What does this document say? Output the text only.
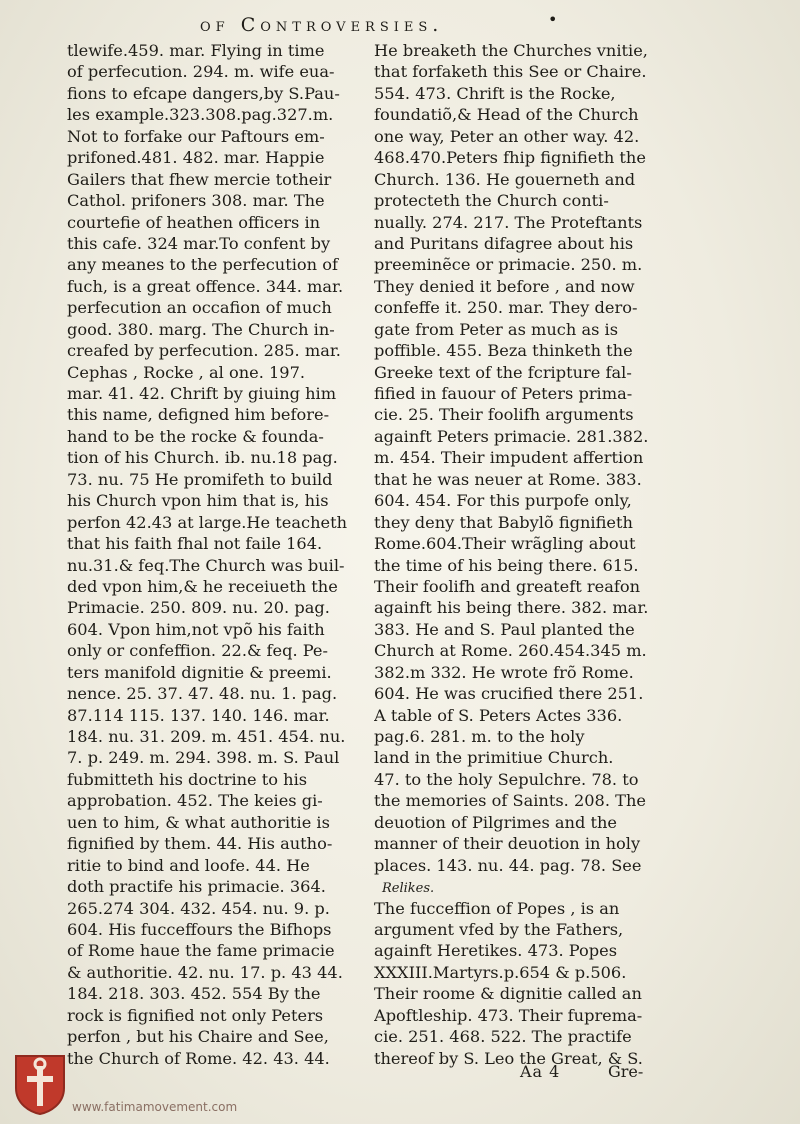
of Controversies.	•
tlewife.459. mar. Flying in time
of perfecution. 294. m. wife eua-
fions to efcape dangers,by S.Pau-
les example.323.308.pag.327.m.
Not to forfake our Paftours em-
prifoned.481. 482. mar. Happie
Gailers that fhew mercie totheir
Cathol. prifoners 308. mar. The
courtefie of heathen officers in
this cafe. 324 mar.To confent by
any meanes to the perfecution of
fuch, is a great offence. 344. mar.
perfecution an occafion of much
good. 380. marg. The Church in-
creafed by perfecution. 285. mar.
Cephas , Rocke , al one. 197.
mar. 41. 42. Chrift by giuing him
this name, defigned him before-
hand to be the rocke & founda-
tion of his Church. ib. nu.18 pag.
73. nu. 75 He promifeth to build
his Church vpon him that is, his
perfon 42.43 at large.He teacheth
that his faith fhal not faile 164.
nu.31.& feq.The Church was buil-
ded vpon him,& he receiueth the
Primacie. 250. 809. nu. 20. pag.
604. Vpon him,not vpõ his faith
only or confeffion. 22.& feq. Pe-
ters manifold dignitie & preemi.
nence. 25. 37. 47. 48. nu. 1. pag.
87.114 115. 137. 140. 146. mar.
184. nu. 31. 209. m. 451. 454. nu.
7. p. 249. m. 294. 398. m. S. Paul
fubmitteth his doctrine to his
approbation. 452. The keies gi-
uen to him, & what authoritie is
fignified by them. 44. His autho-
ritie to bind and loofe. 44. He
doth practife his primacie. 364.
265.274 304. 432. 454. nu. 9. p.
604. His fucceffours the Bifhops
of Rome haue the fame primacie
& authoritie. 42. nu. 17. p. 43 44.
184. 218. 303. 452. 554 By the
rock is fignified not only Peters
perfon , but his Chaire and See,
the Church of Rome. 42. 43. 44.
He breaketh the Churches vnitie,
that forfaketh this See or Chaire.
554. 473. Chrift is the Rocke,
foundatiõ,& Head of the Church
one way, Peter an other way. 42.
468.470.Peters fhip fignifieth the
Church. 136. He gouerneth and
protecteth the Church conti-
nually. 274. 217. The Proteftants
and Puritans difagree about his
preeminẽce or primacie. 250. m.
They denied it before , and now
confeffe it. 250. mar. They dero-
gate from Peter as much as is
poffible. 455. Beza thinketh the
Greeke text of the fcripture fal-
fified in fauour of Peters prima-
cie. 25. Their foolifh arguments
againft Peters primacie. 281.382.
m. 454. Their impudent affertion
that he was neuer at Rome. 383.
604. 454. For this purpofe only,
they deny that Babylõ fignifieth
Rome.604.Their wrãgling about
the time of his being there. 615.
Their foolifh and greateft reafon
againft his being there. 382. mar.
383. He and S. Paul planted the
Church at Rome. 260.454.345 m.
382.m 332. He wrote frõ Rome.
604. He was crucified there 251.
A table of S. Peters Actes 336.
pag.6. 281. m. to the holy
land in the primitiue Church.
47. to the holy Sepulchre. 78. to
the memories of Saints. 208. The
deuotion of Pilgrimes and the
manner of their deuotion in holy
places. 143. nu. 44. pag. 78. See
Relikes.
The fucceffion of Popes , is an
argument vfed by the Fathers,
againft Heretikes. 473. Popes
XXXIII.Martyrs.p.654 & p.506.
Their roome & dignitie called an
Apoftleship. 473. Their fuprema-
cie. 251. 468. 522. The practife
thereof by S. Leo the Great, & S.
Aa 4	Gre-
www.fatimamovement.com
